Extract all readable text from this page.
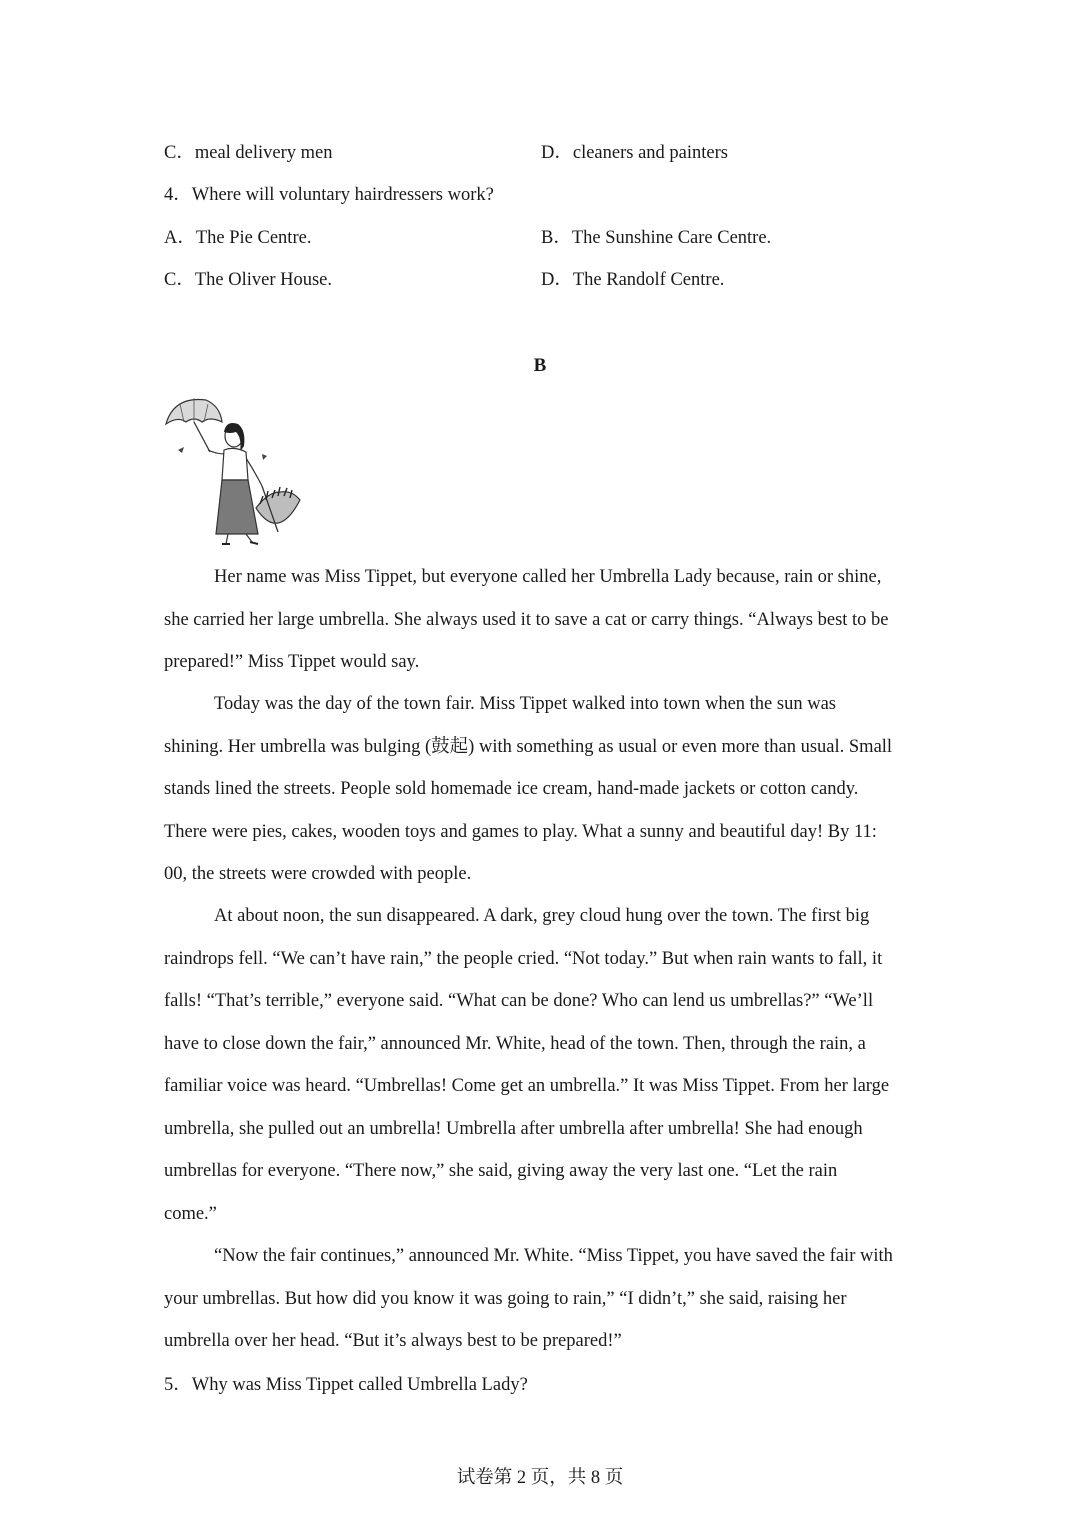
C．meal delivery men	D．cleaners and painters
4．Where will voluntary hairdressers work?
A．The Pie Centre.	B．The Sunshine Care Centre.
C．The Oliver House.	D．The Randolf Centre.
B
Her name was Miss Tippet, but everyone called her Umbrella Lady because, rain or shine,
she carried her large umbrella. She always used it to save a cat or carry things. “Always best to be
prepared!” Miss Tippet would say.
Today was the day of the town fair. Miss Tippet walked into town when the sun was
shining. Her umbrella was bulging (鼓起) with something as usual or even more than usual. Small
stands lined the streets. People sold homemade ice cream, hand-made jackets or cotton candy.
There were pies, cakes, wooden toys and games to play. What a sunny and beautiful day! By 11:
00, the streets were crowded with people.
At about noon, the sun disappeared. A dark, grey cloud hung over the town. The first big
raindrops fell. “We can’t have rain,” the people cried. “Not today.” But when rain wants to fall, it
falls! “That’s terrible,” everyone said. “What can be done? Who can lend us umbrellas?” “We’ll
have to close down the fair,” announced Mr. White, head of the town. Then, through the rain, a
familiar voice was heard. “Umbrellas! Come get an umbrella.” It was Miss Tippet. From her large
umbrella, she pulled out an umbrella! Umbrella after umbrella after umbrella! She had enough
umbrellas for everyone. “There now,” she said, giving away the very last one. “Let the rain
come.”
“Now the fair continues,” announced Mr. White. “Miss Tippet, you have saved the fair with
your umbrellas. But how did you know it was going to rain,” “I didn’t,” she said, raising her
umbrella over her head. “But it’s always best to be prepared!”
5．Why was Miss Tippet called Umbrella Lady?
试卷第 2 页，共 8 页
